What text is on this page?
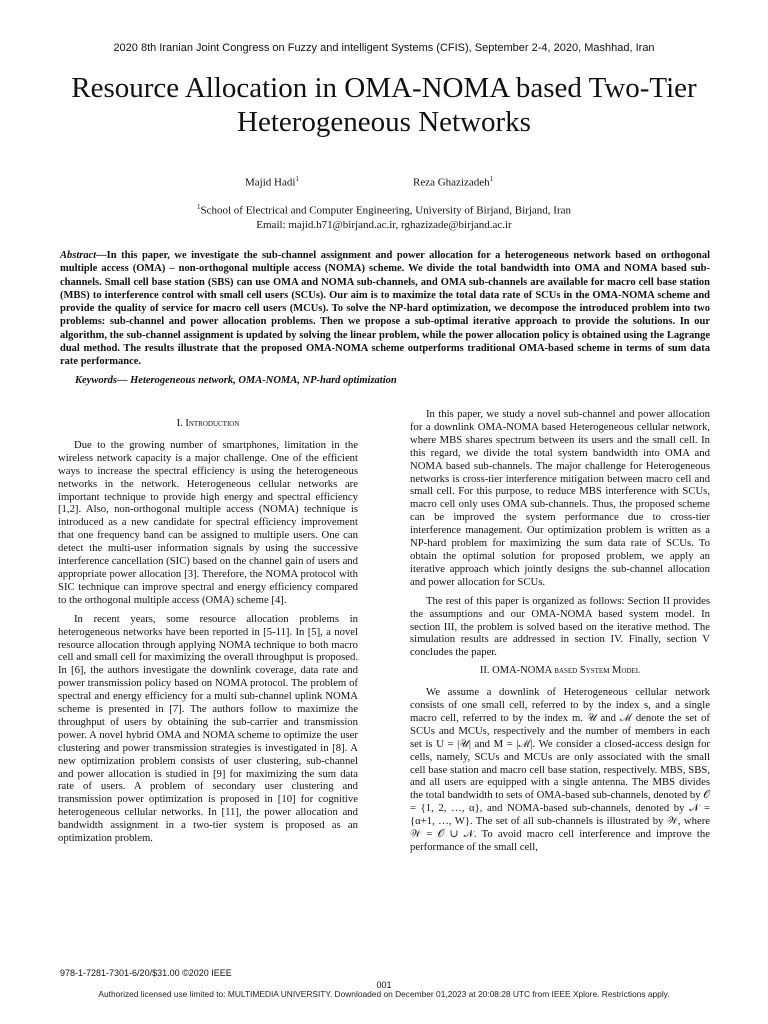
2020 8th Iranian Joint Congress on Fuzzy and intelligent Systems (CFIS), September 2-4, 2020, Mashhad, Iran
Resource Allocation in OMA-NOMA based Two-Tier Heterogeneous Networks
Majid Hadi$^1$	Reza Ghazizadeh$^1$
$^1$School of Electrical and Computer Engineering, University of Birjand, Birjand, Iran
Email: majid.h71@birjand.ac.ir, rghazizade@birjand.ac.ir

Abstract—In this paper, we investigate the sub-channel assignment and power allocation for a heterogeneous network based on orthogonal multiple access (OMA) – non-orthogonal multiple access (NOMA) scheme. We divide the total bandwidth into OMA and NOMA based sub-channels. Small cell base station (SBS) can use OMA and NOMA sub-channels, and OMA sub-channels are available for macro cell base station (MBS) to interference control with small cell users (SCUs). Our aim is to maximize the total data rate of SCUs in the OMA-NOMA scheme and provide the quality of service for macro cell users (MCUs). To solve the NP-hard optimization, we decompose the introduced problem into two problems: sub-channel and power allocation problems. Then we propose a sub-optimal iterative approach to provide the solutions. In our algorithm, the sub-channel assignment is updated by solving the linear problem, while the power allocation policy is obtained using the Lagrange dual method. The results illustrate that the proposed OMA-NOMA scheme outperforms traditional OMA-based scheme in terms of sum data rate performance.

Keywords— Heterogeneous network, OMA-NOMA, NP-hard optimization

I. Introduction

Due to the growing number of smartphones, limitation in the wireless network capacity is a major challenge. One of the efficient ways to increase the spectral efficiency is using the heterogeneous networks in the network. Heterogeneous cellular networks are important technique to provide high energy and spectral efficiency [1,2]. Also, non-orthogonal multiple access (NOMA) technique is introduced as a new candidate for spectral efficiency improvement that one frequency band can be assigned to multiple users. One can detect the multi-user information signals by using the successive interference cancellation (SIC) based on the channel gain of users and appropriate power allocation [3]. Therefore, the NOMA protocol with SIC technique can improve spectral and energy efficiency compared to the orthogonal multiple access (OMA) scheme [4].

In recent years, some resource allocation problems in heterogeneous networks have been reported in [5-11]. In [5], a novel resource allocation through applying NOMA technique to both macro cell and small cell for maximizing the overall throughput is proposed. In [6], the authors investigate the downlink coverage, data rate and power transmission policy based on NOMA protocol. The problem of spectral and energy efficiency for a multi sub-channel uplink NOMA scheme is presented in [7]. The authors follow to maximize the throughput of users by obtaining the sub-carrier and transmission power. A novel hybrid OMA and NOMA scheme to optimize the user clustering and power transmission strategies is investigated in [8]. A new optimization problem consists of user clustering, sub-channel and power allocation is studied in [9] for maximizing the sum data rate of users. A problem of secondary user clustering and transmission power optimization is proposed in [10] for cognitive heterogeneous cellular networks. In [11], the power allocation and bandwidth assignment in a two-tier system is proposed as an optimization problem.

In this paper, we study a novel sub-channel and power allocation for a downlink OMA-NOMA based Heterogeneous cellular network, where MBS shares spectrum between its users and the small cell. In this regard, we divide the total system bandwidth into OMA and NOMA based sub-channels. The major challenge for Heterogeneous networks is cross-tier interference mitigation between macro cell and small cell. For this purpose, to reduce MBS interference with SCUs, macro cell only uses OMA sub-channels. Thus, the proposed scheme can be improved the system performance due to cross-tier interference management. Our optimization problem is written as a NP-hard problem for maximizing the sum data rate of SCUs. To obtain the optimal solution for proposed problem, we apply an iterative approach which jointly designs the sub-channel allocation and power allocation for SCUs.

The rest of this paper is organized as follows: Section II provides the assumptions and our OMA-NOMA based system model. In section III, the problem is solved based on the iterative method. The simulation results are addressed in section IV. Finally, section V concludes the paper.

II. OMA-NOMA based System Model

We assume a downlink of Heterogeneous cellular network consists of one small cell, referred to by the index s, and a single macro cell, referred to by the index m. 𝒰 and ℳ denote the set of SCUs and MCUs, respectively and the number of members in each set is U = |𝒰| and M = |ℳ|. We consider a closed-access design for cells, namely, SCUs and MCUs are only associated with the small cell base station and macro cell base station, respectively. MBS, SBS, and all users are equipped with a single antenna. The MBS divides the total bandwidth to sets of OMA-based sub-channels, denoted by 𝒪 = {1, 2, …, α}, and NOMA-based sub-channels, denoted by 𝒩 = {α+1, …, W}. The set of all sub-channels is illustrated by 𝒲, where 𝒲 = 𝒪 ∪ 𝒩. To avoid macro cell interference and improve the performance of the small cell,

978-1-7281-7301-6/20/$31.00 ©2020 IEEE
001
Authorized licensed use limited to: MULTIMEDIA UNIVERSITY. Downloaded on December 01,2023 at 20:08:28 UTC from IEEE Xplore. Restrictions apply.
